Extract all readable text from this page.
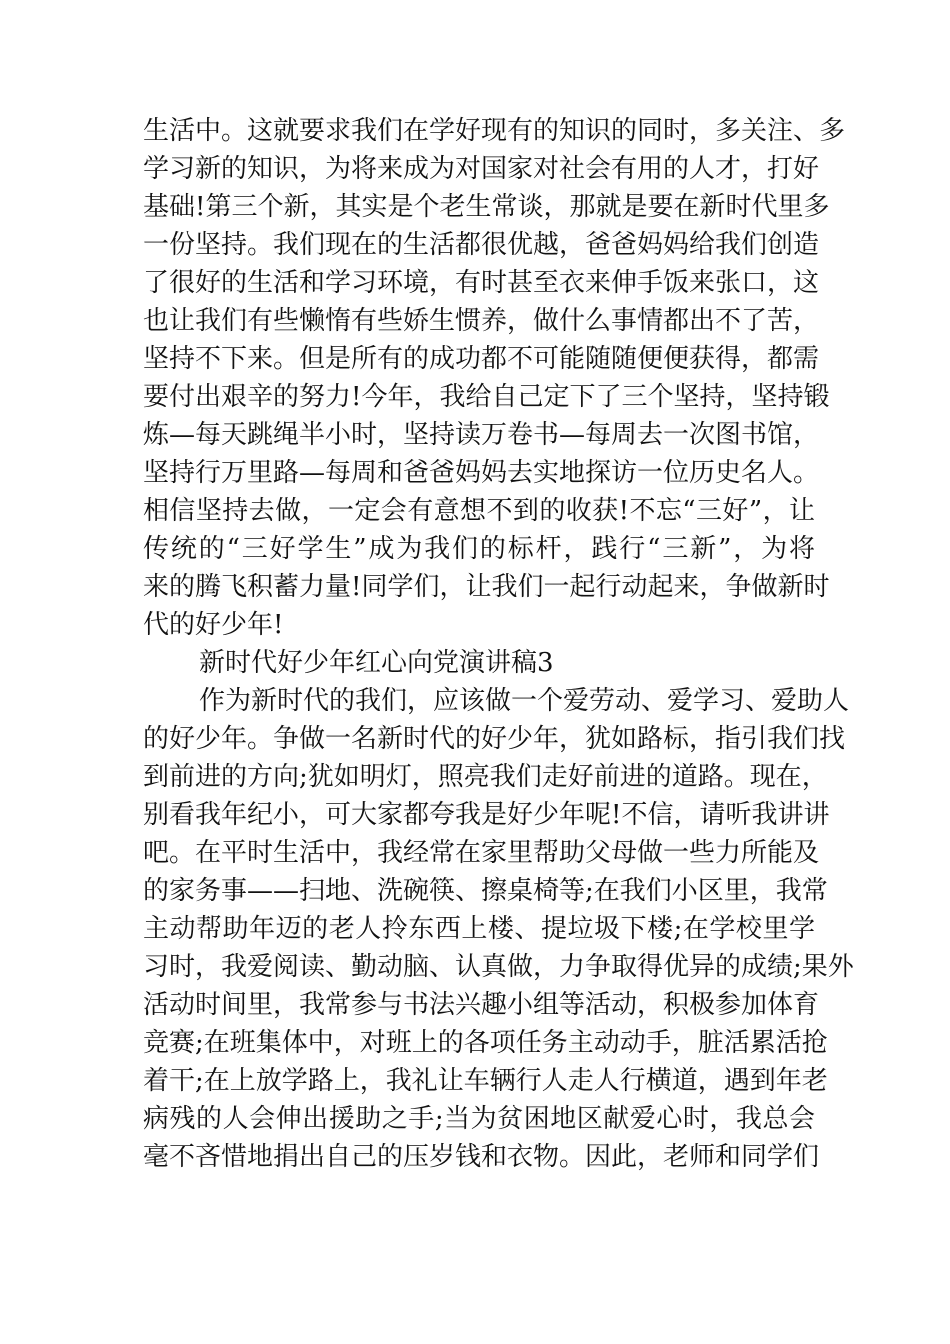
生活中。这就要求我们在学好现有的知识的同时，多关注、多
学习新的知识，为将来成为对国家对社会有用的人才，打好
基础!第三个新，其实是个老生常谈，那就是要在新时代里多
一份坚持。我们现在的生活都很优越，爸爸妈妈给我们创造
了很好的生活和学习环境，有时甚至衣来伸手饭来张口，这
也让我们有些懒惰有些娇生惯养，做什么事情都出不了苦，
坚持不下来。但是所有的成功都不可能随随便便获得，都需
要付出艰辛的努力!今年，我给自己定下了三个坚持，坚持锻
炼—每天跳绳半小时，坚持读万卷书—每周去一次图书馆，
坚持行万里路—每周和爸爸妈妈去实地探访一位历史名人。
相信坚持去做，一定会有意想不到的收获!不忘“三好”，让
传统的“三好学生”成为我们的标杆，践行“三新”，为将
来的腾飞积蓄力量!同学们，让我们一起行动起来，争做新时
代的好少年!
新时代好少年红心向党演讲稿3
作为新时代的我们，应该做一个爱劳动、爱学习、爱助人
的好少年。争做一名新时代的好少年，犹如路标，指引我们找
到前进的方向;犹如明灯，照亮我们走好前进的道路。现在，
别看我年纪小，可大家都夸我是好少年呢!不信，请听我讲讲
吧。在平时生活中，我经常在家里帮助父母做一些力所能及
的家务事——扫地、洗碗筷、擦桌椅等;在我们小区里，我常
主动帮助年迈的老人拎东西上楼、提垃圾下楼;在学校里学
习时，我爱阅读、勤动脑、认真做，力争取得优异的成绩;果外
活动时间里，我常参与书法兴趣小组等活动，积极参加体育
竞赛;在班集体中，对班上的各项任务主动动手，脏活累活抢
着干;在上放学路上，我礼让车辆行人走人行横道，遇到年老
病残的人会伸出援助之手;当为贫困地区献爱心时，我总会
毫不吝惜地捐出自己的压岁钱和衣物。因此，老师和同学们
